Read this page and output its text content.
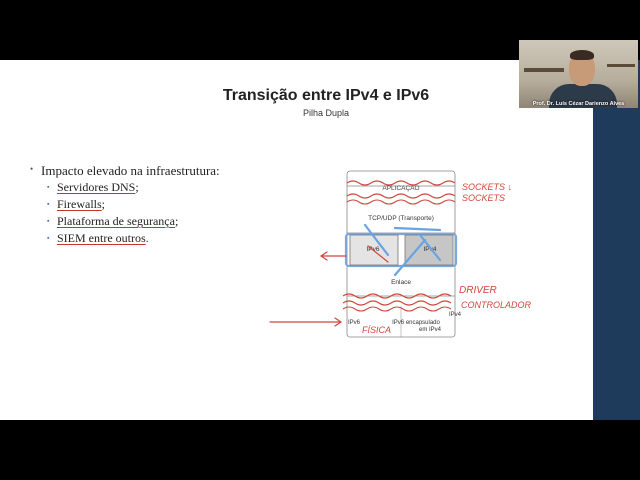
Transição entre IPv4 e IPv6
Pilha Dupla
• Impacto elevado na infraestrutura:
▪ Servidores DNS;
▪ Firewalls;
▪ Plataforma de segurança;
▪ SIEM entre outros.
APLICAÇÃO
TCP/UDP (Transporte)
IPv6	IPv4
Enlace
IPv6	IPv6 encapsulado
em IPv4
IPv4
SOCKETS ↓
SOCKETS
DRIVER
CONTROLADOR
FÍSICA
Prof. Dr. Luís Cézar Darienzo Alves
